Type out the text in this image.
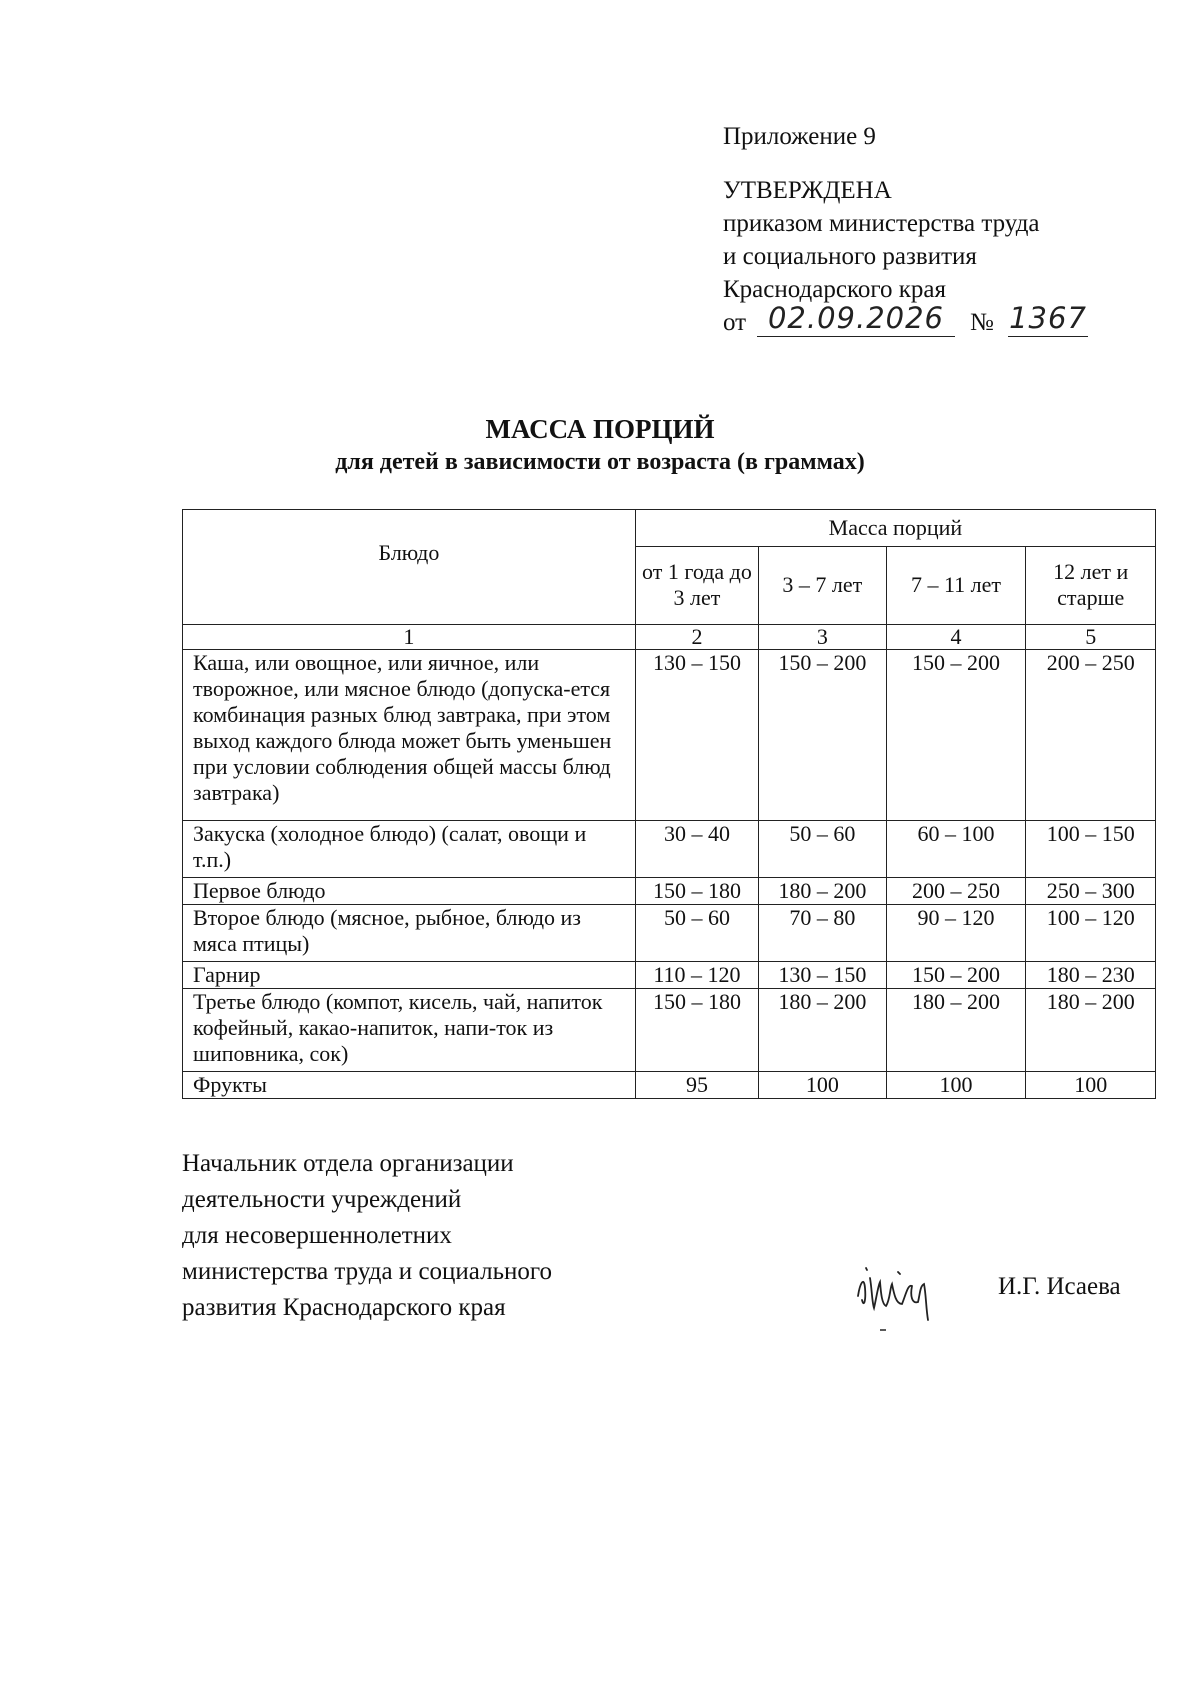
Приложение 9
УТВЕРЖДЕНА
приказом министерства труда
и социального развития
Краснодарского края
от 02.09.2026	№ 1367
МАССА ПОРЦИЙ
для детей в зависимости от возраста (в граммах)
Блюдо	Масса порций			
	от 1 года до 3 лет	3 – 7 лет	7 – 11 лет	12 лет и старше
1	2	3	4	5
Каша, или овощное, или яичное, или творожное, или мясное блюдо (допуска-ется комбинация разных блюд завтрака, при этом выход каждого блюда может быть уменьшен при условии соблюдения общей массы блюд завтрака)	130 – 150	150 – 200	150 – 200	200 – 250
Закуска (холодное блюдо) (салат, овощи и т.п.)	30 – 40	50 – 60	60 – 100	100 – 150
Первое блюдо	150 – 180	180 – 200	200 – 250	250 – 300
Второе блюдо (мясное, рыбное, блюдо из мяса птицы)	50 – 60	70 – 80	90 – 120	100 – 120
Гарнир	110 – 120	130 – 150	150 – 200	180 – 230
Третье блюдо (компот, кисель, чай, напиток кофейный, какао-напиток, напи-ток из шиповника, сок)	150 – 180	180 – 200	180 – 200	180 – 200
Фрукты	95	100	100	100
Начальник отдела организации
деятельности учреждений
для несовершеннолетних
министерства труда и социального
развития Краснодарского края
И.Г. Исаева
